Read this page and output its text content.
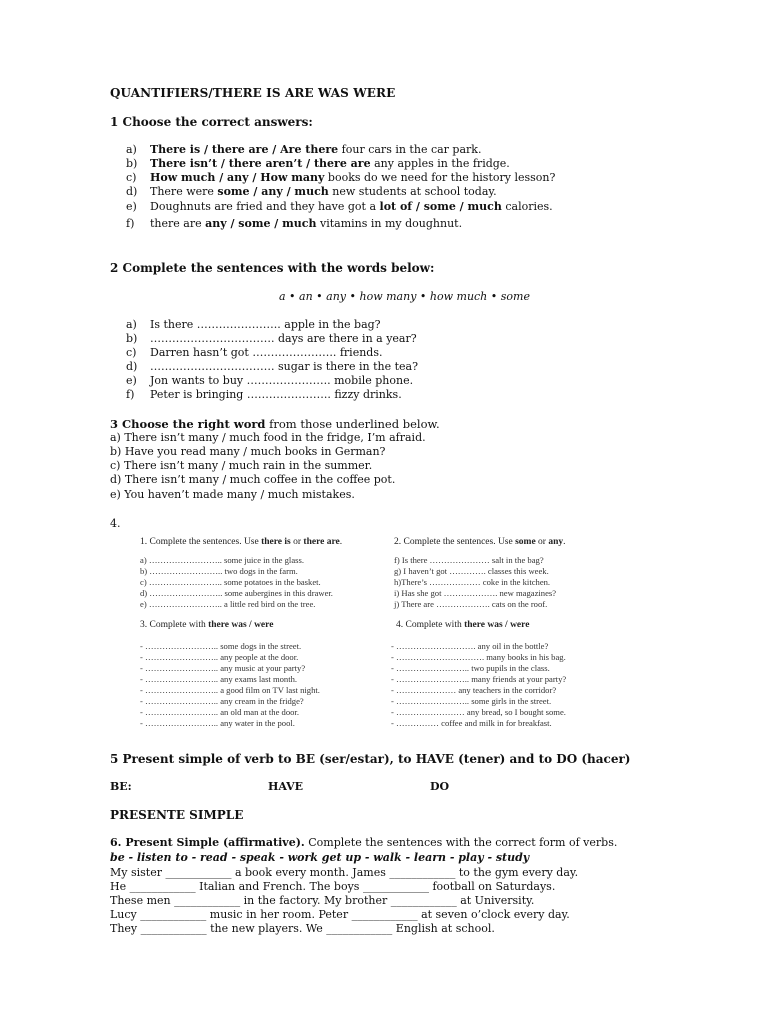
QUANTIFIERS/THERE IS ARE WAS WERE
1 Choose the correct answers:
a) There is / there are / Are there four cars in the car park.
b) There isn’t / there aren’t / there are any apples in the fridge.
c) How much / any / How many books do we need for the history lesson?
d) There were some / any / much new students at school today.
e) Doughnuts are fried and they have got a lot of / some / much calories.
f) there are any / some / much vitamins in my doughnut.
2 Complete the sentences with the words below:
a • an • any • how many • how much • some
a) Is there ………………….. apple in the bag?
b) ……………………………. days are there in a year?
c) Darren hasn’t got ………………….. friends.
d) ……………………………. sugar is there in the tea?
e) Jon wants to buy ………………….. mobile phone.
f) Peter is bringing ………………….. fizzy drinks.
3 Choose the right word from those underlined below.
a) There isn’t many / much food in the fridge, I’m afraid.
b) Have you read many / much books in German?
c) There isn’t many / much rain in the summer.
d) There isn’t many / much coffee in the coffee pot.
e) You haven’t made many / much mistakes.
4.
1. Complete the sentences. Use there is or there are.
a) …………………….. some juice in the glass.
b) …………………….. two dogs in the farm.
c) …………………….. some potatoes in the basket.
d) …………………….. some aubergines in this drawer.
e) …………………….. a little red bird on the tree.
2. Complete the sentences. Use some or any.
f) Is there ………………… salt in the bag?
g) I haven’t got …………. classes this week.
h)There’s ……………… coke in the kitchen.
i) Has she got ………………. new magazines?
j) There are ………………. cats on the roof.
3. Complete with there was / were
- …………………….. some dogs in the street.
- …………………….. any people at the door.
- …………………….. any music at your party?
- …………………….. any exams last month.
- …………………….. a good film on TV last night.
- …………………….. any cream in the fridge?
- …………………….. an old man at the door.
- …………………….. any water in the pool.
4. Complete with there was / were
- ………………………. any oil in the bottle?
- …………………………. many books in his bag.
- …………………….. two pupils in the class.
- …………………….. many friends at your party?
- ………………… any teachers in the corridor?
- …………………….. some girls in the street.
- …………………… any bread, so I bought some.
- …………… coffee and milk in for breakfast.
5 Present simple of verb to BE (ser/estar), to HAVE (tener) and to DO (hacer)
BE:	HAVE	DO
PRESENTE SIMPLE
6. Present Simple (affirmative). Complete the sentences with the correct form of verbs.
be - listen to - read - speak - work get up - walk - learn - play - study
My sister ____________ a book every month. James ____________ to the gym every day.
He ____________ Italian and French. The boys ____________ football on Saturdays.
These men ____________ in the factory. My brother ____________ at University.
Lucy ____________ music in her room. Peter ____________ at seven o’clock every day.
They ____________ the new players. We ____________ English at school.
